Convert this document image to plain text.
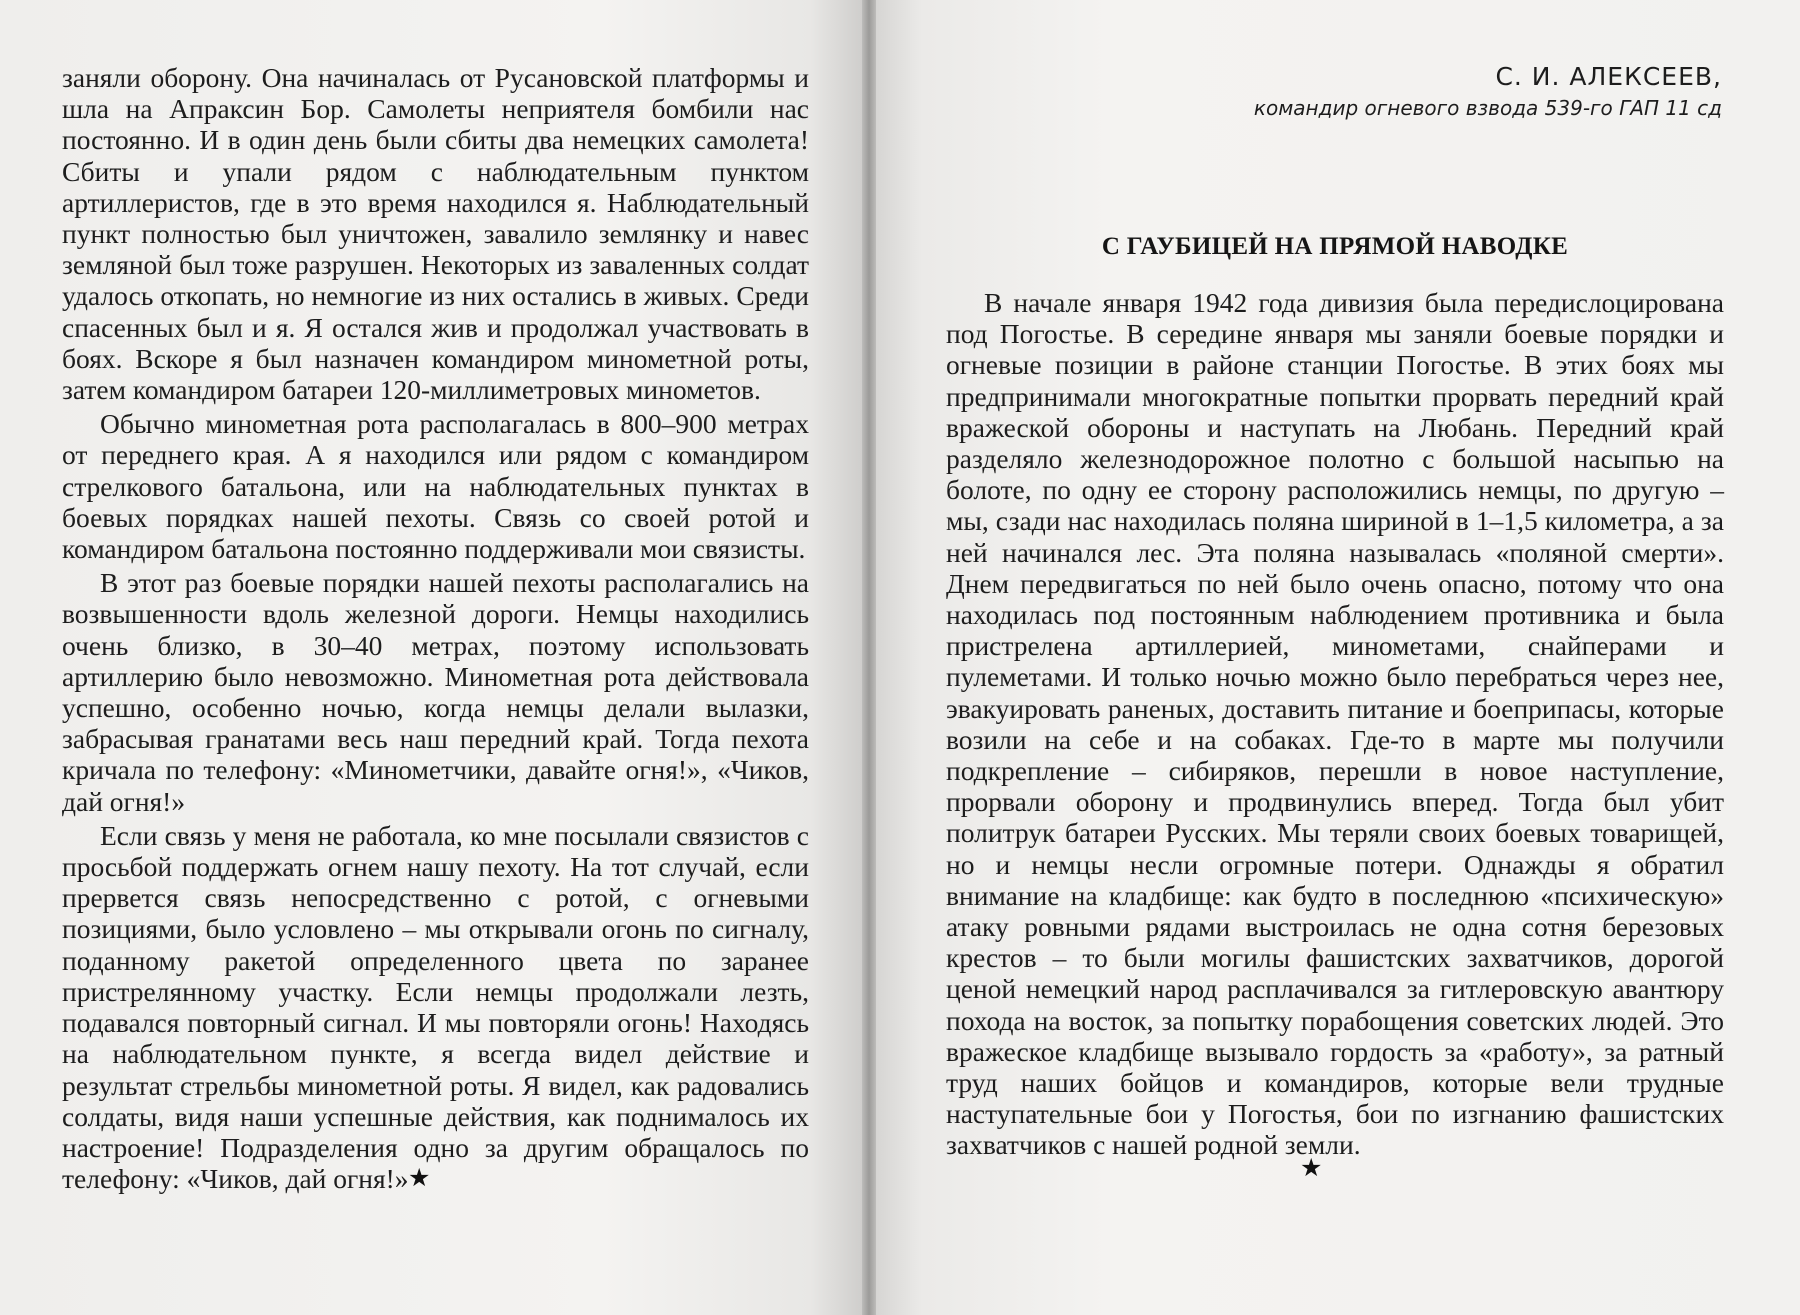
заняли оборону. Она начиналась от Русановской платформы и шла на Апраксин Бор. Самолеты неприятеля бомбили нас постоянно. И в один день были сбиты два немецких самолета! Сбиты и упали рядом с наблюдательным пунктом артиллеристов, где в это время находился я. Наблюдательный пункт полностью был уничтожен, завалило землянку и навес земляной был тоже разрушен. Некоторых из заваленных солдат удалось откопать, но немногие из них остались в живых. Среди спасенных был и я. Я остался жив и продолжал участвовать в боях. Вскоре я был назначен командиром минометной роты, затем командиром батареи 120-миллиметровых минометов.

Обычно минометная рота располагалась в 800–900 метрах от переднего края. А я находился или рядом с командиром стрелкового батальона, или на наблюдательных пунктах в боевых порядках нашей пехоты. Связь со своей ротой и командиром батальона постоянно поддерживали мои связисты.

В этот раз боевые порядки нашей пехоты располагались на возвышенности вдоль железной дороги. Немцы находились очень близко, в 30–40 метрах, поэтому использовать артиллерию было невозможно. Минометная рота действовала успешно, особенно ночью, когда немцы делали вылазки, забрасывая гранатами весь наш передний край. Тогда пехота кричала по телефону: «Минометчики, давайте огня!», «Чиков, дай огня!»

Если связь у меня не работала, ко мне посылали связистов с просьбой поддержать огнем нашу пехоту. На тот случай, если прервется связь непосредственно с ротой, с огневыми позициями, было условлено – мы открывали огонь по сигналу, поданному ракетой определенного цвета по заранее пристрелянному участку. Если немцы продолжали лезть, подавался повторный сигнал. И мы повторяли огонь! Находясь на наблюдательном пункте, я всегда видел действие и результат стрельбы минометной роты. Я видел, как радовались солдаты, видя наши успешные действия, как поднималось их настроение! Подразделения одно за другим обращалось по телефону: «Чиков, дай огня!» ★
С. И. АЛЕКСЕЕВ,
командир огневого взвода 539-го ГАП 11 сд
С ГАУБИЦЕЙ НА ПРЯМОЙ НАВОДКЕ

В начале января 1942 года дивизия была передислоцирована под Погостье. В середине января мы заняли боевые порядки и огневые позиции в районе станции Погостье. В этих боях мы предпринимали многократные попытки прорвать передний край вражеской обороны и наступать на Любань. Передний край разделяло железнодорожное полотно с большой насыпью на болоте, по одну ее сторону расположились немцы, по другую – мы, сзади нас находилась поляна шириной в 1–1,5 километра, а за ней начинался лес. Эта поляна называлась «поляной смерти». Днем передвигаться по ней было очень опасно, потому что она находилась под постоянным наблюдением противника и была пристрелена артиллерией, минометами, снайперами и пулеметами. И только ночью можно было перебраться через нее, эвакуировать раненых, доставить питание и боеприпасы, которые возили на себе и на собаках. Где-то в марте мы получили подкрепление – сибиряков, перешли в новое наступление, прорвали оборону и продвинулись вперед. Тогда был убит политрук батареи Русских. Мы теряли своих боевых товарищей, но и немцы несли огромные потери. Однажды я обратил внимание на кладбище: как будто в последнюю «психическую» атаку ровными рядами выстроилась не одна сотня березовых крестов – то были могилы фашистских захватчиков, дорогой ценой немецкий народ расплачивался за гитлеровскую авантюру похода на восток, за попытку порабощения советских людей. Это вражеское кладбище вызывало гордость за «работу», за ратный труд наших бойцов и командиров, которые вели трудные наступательные бои у Погостья, бои по изгнанию фашистских захватчиков с нашей родной земли.

★
